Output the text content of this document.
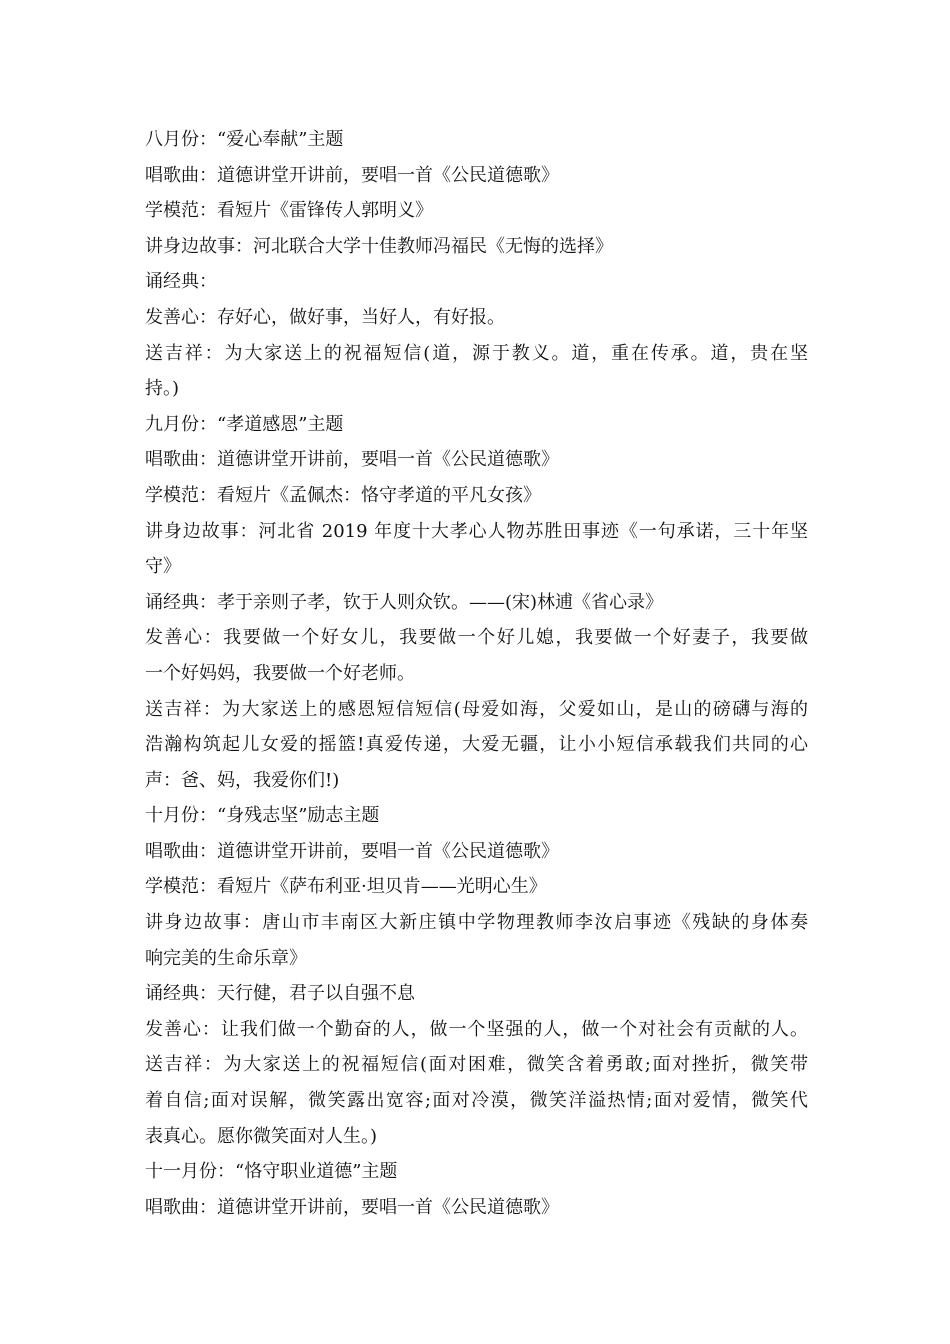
八月份：“爱心奉献”主题
唱歌曲：道德讲堂开讲前，要唱一首《公民道德歌》
学模范：看短片《雷锋传人郭明义》
讲身边故事：河北联合大学十佳教师冯福民《无悔的选择》
诵经典：
发善心：存好心，做好事，当好人，有好报。
送吉祥：为大家送上的祝福短信(道，源于教义。道，重在传承。道，贵在坚
持。)
九月份：“孝道感恩”主题
唱歌曲：道德讲堂开讲前，要唱一首《公民道德歌》
学模范：看短片《孟佩杰：恪守孝道的平凡女孩》
讲身边故事：河北省 2019 年度十大孝心人物苏胜田事迹《一句承诺，三十年坚
守》
诵经典：孝于亲则子孝，钦于人则众钦。——(宋)林逋《省心录》
发善心：我要做一个好女儿，我要做一个好儿媳，我要做一个好妻子，我要做
一个好妈妈，我要做一个好老师。
送吉祥：为大家送上的感恩短信短信(母爱如海，父爱如山，是山的磅礴与海的
浩瀚构筑起儿女爱的摇篮!真爱传递，大爱无疆，让小小短信承载我们共同的心
声：爸、妈，我爱你们!)
十月份：“身残志坚”励志主题
唱歌曲：道德讲堂开讲前，要唱一首《公民道德歌》
学模范：看短片《萨布利亚·坦贝肯——光明心生》
讲身边故事：唐山市丰南区大新庄镇中学物理教师李汝启事迹《残缺的身体奏
响完美的生命乐章》
诵经典：天行健，君子以自强不息
发善心：让我们做一个勤奋的人，做一个坚强的人，做一个对社会有贡献的人。
送吉祥：为大家送上的祝福短信(面对困难，微笑含着勇敢;面对挫折，微笑带
着自信;面对误解，微笑露出宽容;面对冷漠，微笑洋溢热情;面对爱情，微笑代
表真心。愿你微笑面对人生。)
十一月份：“恪守职业道德”主题
唱歌曲：道德讲堂开讲前，要唱一首《公民道德歌》
